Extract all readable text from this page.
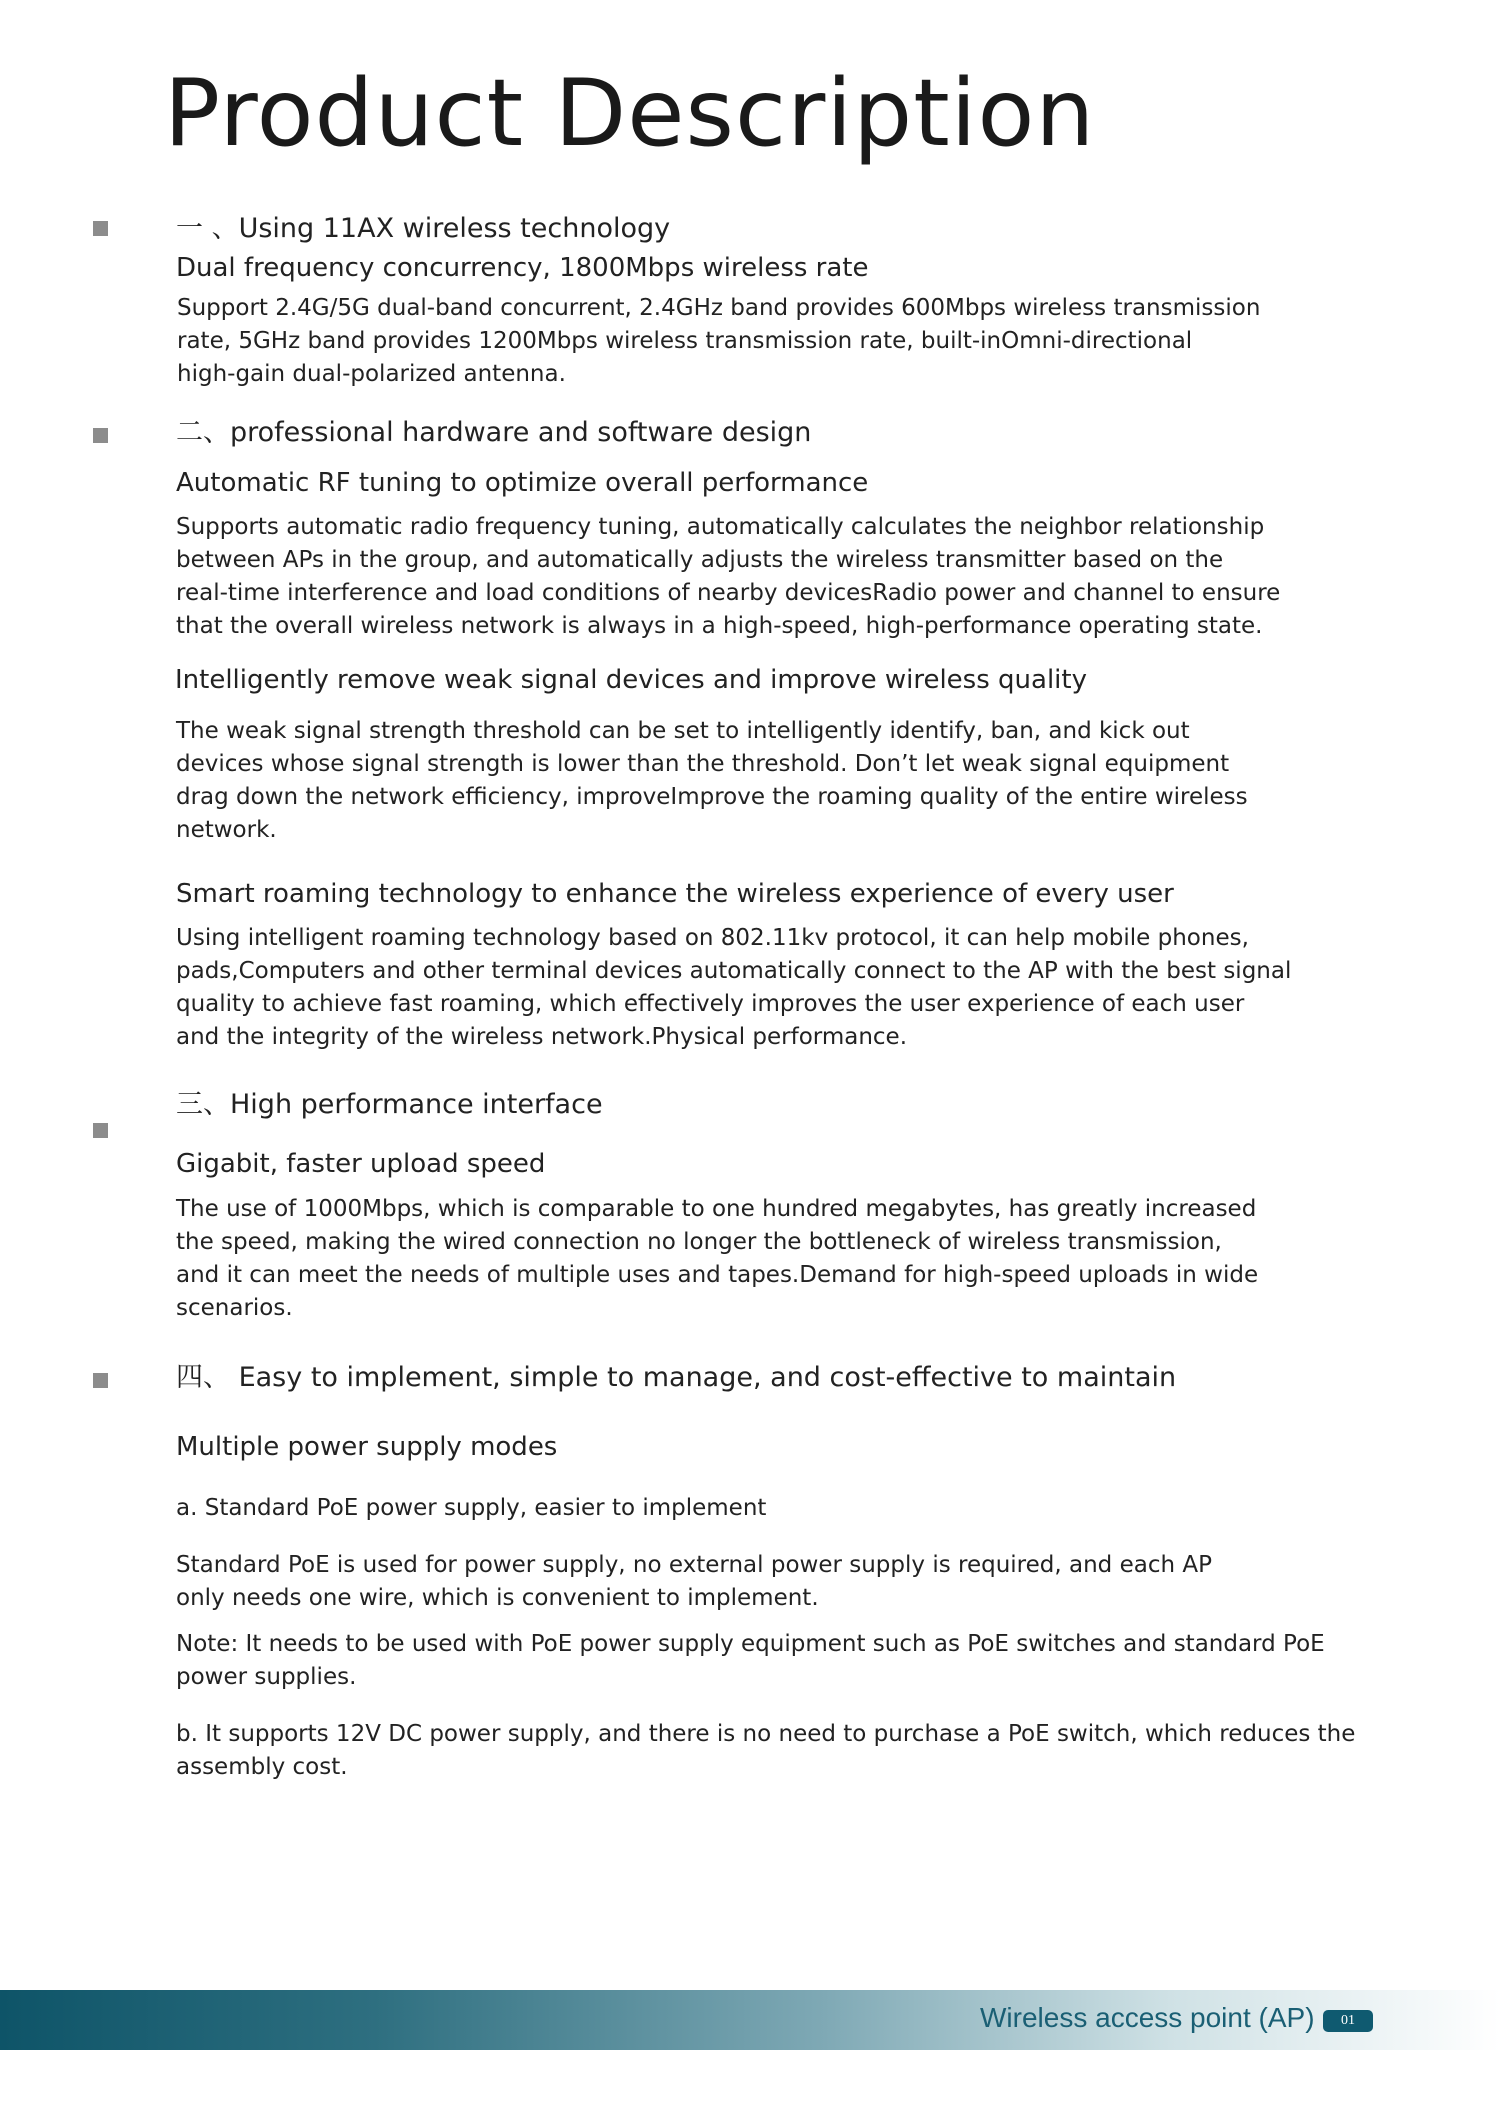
Product Description
一 、Using 11AX wireless technology
Dual frequency concurrency, 1800Mbps wireless rate
Support 2.4G/5G dual-band concurrent, 2.4GHz band provides 600Mbps wireless transmission
rate, 5GHz band provides 1200Mbps wireless transmission rate, built-inOmni-directional
high-gain dual-polarized antenna.
二、professional hardware and software design
Automatic RF tuning to optimize overall performance
Supports automatic radio frequency tuning, automatically calculates the neighbor relationship
between APs in the group, and automatically adjusts the wireless transmitter based on the
real-time interference and load conditions of nearby devicesRadio power and channel to ensure
that the overall wireless network is always in a high-speed, high-performance operating state.
Intelligently remove weak signal devices and improve wireless quality
The weak signal strength threshold can be set to intelligently identify, ban, and kick out
devices whose signal strength is lower than the threshold. Don’t let weak signal equipment
drag down the network efficiency, improveImprove the roaming quality of the entire wireless
network.
Smart roaming technology to enhance the wireless experience of every user
Using intelligent roaming technology based on 802.11kv protocol, it can help mobile phones,
pads,Computers and other terminal devices automatically connect to the AP with the best signal
quality to achieve fast roaming, which effectively improves the user experience of each user
and the integrity of the wireless network.Physical performance.
三、High performance interface
Gigabit, faster upload speed
The use of 1000Mbps, which is comparable to one hundred megabytes, has greatly increased
the speed, making the wired connection no longer the bottleneck of wireless transmission,
and it can meet the needs of multiple uses and tapes.Demand for high-speed uploads in wide
scenarios.
四、 Easy to implement, simple to manage, and cost-effective to maintain
Multiple power supply modes
a. Standard PoE power supply, easier to implement
Standard PoE is used for power supply, no external power supply is required, and each AP
only needs one wire, which is convenient to implement.
Note: It needs to be used with PoE power supply equipment such as PoE switches and standard PoE
power supplies.
b. It supports 12V DC power supply, and there is no need to purchase a PoE switch, which reduces the
assembly cost.
Wireless access point (AP)	01
